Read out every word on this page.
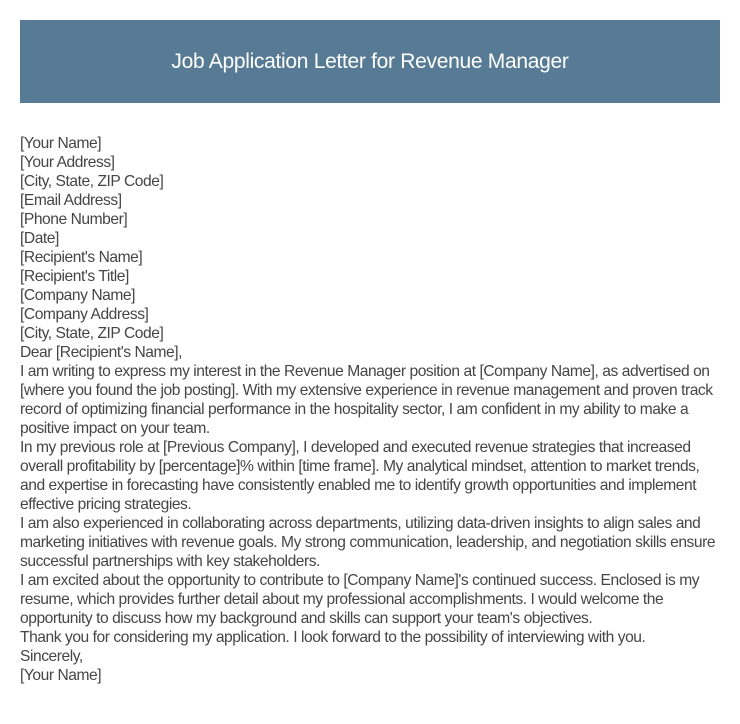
Job Application Letter for Revenue Manager
[Your Name]
[Your Address]
[City, State, ZIP Code]
[Email Address]
[Phone Number]
[Date]
[Recipient's Name]
[Recipient's Title]
[Company Name]
[Company Address]
[City, State, ZIP Code]
Dear [Recipient's Name],
I am writing to express my interest in the Revenue Manager position at [Company Name], as advertised on [where you found the job posting]. With my extensive experience in revenue management and proven track record of optimizing financial performance in the hospitality sector, I am confident in my ability to make a positive impact on your team.
In my previous role at [Previous Company], I developed and executed revenue strategies that increased overall profitability by [percentage]% within [time frame]. My analytical mindset, attention to market trends, and expertise in forecasting have consistently enabled me to identify growth opportunities and implement effective pricing strategies.
I am also experienced in collaborating across departments, utilizing data-driven insights to align sales and marketing initiatives with revenue goals. My strong communication, leadership, and negotiation skills ensure successful partnerships with key stakeholders.
I am excited about the opportunity to contribute to [Company Name]'s continued success. Enclosed is my resume, which provides further detail about my professional accomplishments. I would welcome the opportunity to discuss how my background and skills can support your team's objectives.
Thank you for considering my application. I look forward to the possibility of interviewing with you.
Sincerely,
[Your Name]
